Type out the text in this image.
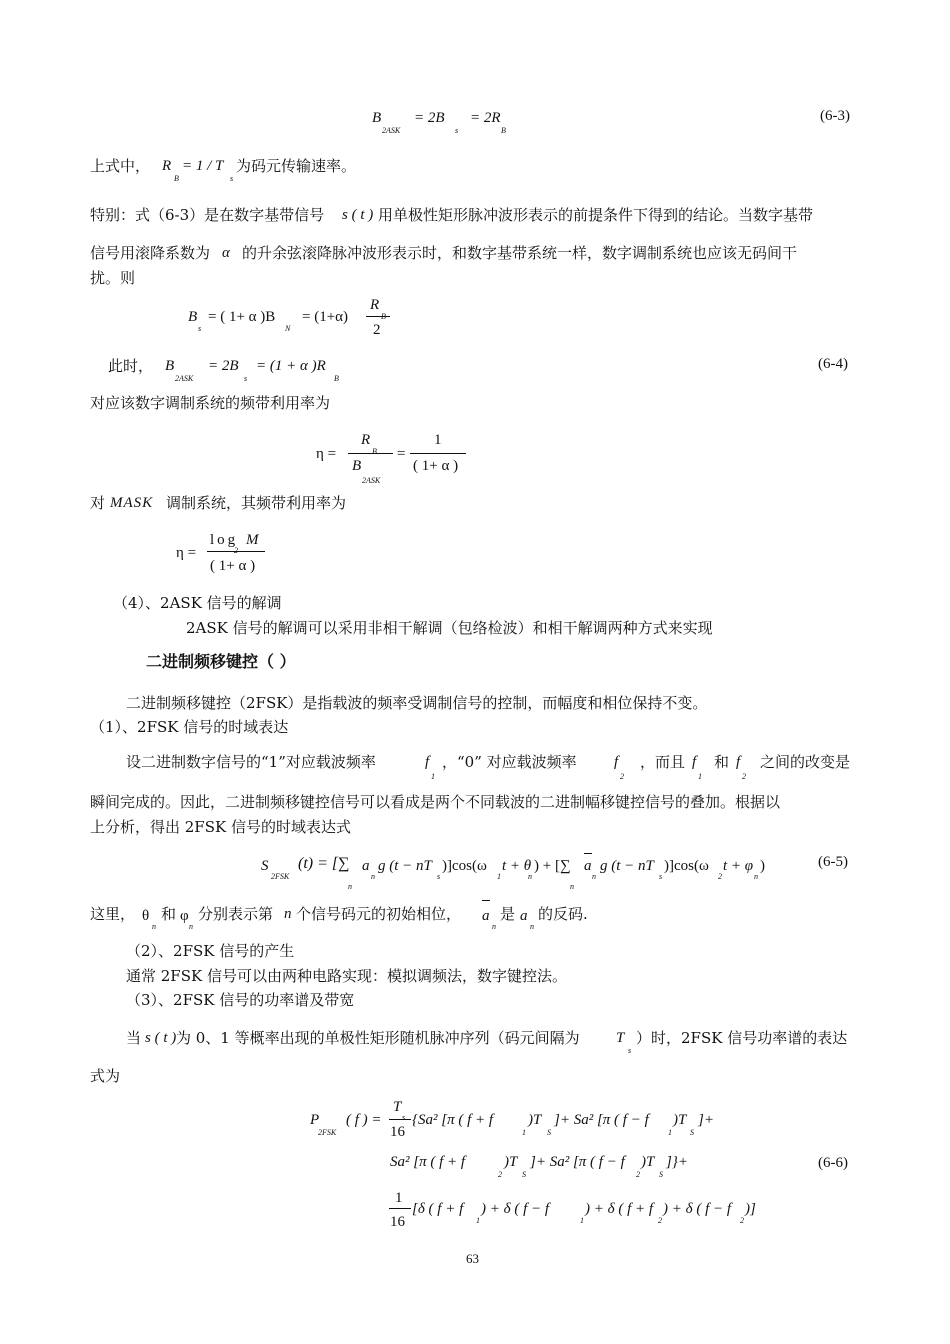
B
2ASK
= 2B
s
= 2R
B
(6-3)
上式中， R
B
= 1 / T
s
为码元传输速率。
特别：式（6-3）是在数字基带信号 s ( t ) 用单极性矩形脉冲波形表示的前提条件下得到的结论。当数字基带
信号用滚降系数为 α 的升余弦滚降脉冲波形表示时，和数字基带系统一样，数字调制系统也应该无码间干
扰。则
B
s
= ( 1+ α )B
N
= (1+α)
R
B
2
此时， B
2ASK
= 2B
s
= (1 + α )R
B
(6-4)
对应该数字调制系统的频带利用率为
η =
R
B
B
2ASK
=
1
( 1+ α )
对 MASK 调制系统，其频带利用率为
η =
log M
2
( 1+ α )
（4）、2ASK 信号的解调
2ASK 信号的解调可以采用非相干解调（包络检波）和相干解调两种方式来实现
二进制频移键控（ ）
二进制频移键控（2FSK）是指载波的频率受调制信号的控制，而幅度和相位保持不变。
（1）、2FSK 信号的时域表达
设二进制数字信号的“1”对应载波频率	f
1
，“0” 对应载波频率 f
2
，而且 f
1
和 f
2
之间的改变是
瞬间完成的。因此，二进制频移键控信号可以看成是两个不同载波的二进制幅移键控信号的叠加。根据以
上分析，得出 2FSK 信号的时域表达式
S
2FSK
(t) = [∑ a
n
g (t − nT
s
)]cos(ω
1
t + θ
n
) + [∑ a
n
g (t − nT
s
)]cos(ω
2
t + φ
n
)
n	n
(6-5)
这里， θ
n
和 φ
n
分别表示第 n 个信号码元的初始相位， a
n
是 a
n
的反码.
（2）、2FSK 信号的产生
通常 2FSK 信号可以由两种电路实现：模拟调频法，数字键控法。
（3）、2FSK 信号的功率谱及带宽
当 s ( t ) 为 0、1 等概率出现的单极性矩形随机脉冲序列（码元间隔为 T
s
）时，2FSK 信号功率谱的表达
式为
P
2FSK
( f ) =
T
s
16
{Sa² [π ( f + f
1
)T
S
]+ Sa² [π ( f − f
1
)T
S
]+
Sa² [π ( f + f
2
)T
S
]+ Sa² [π ( f − f
2
)T
S
]}+
1
16
[δ ( f + f
1
) + δ ( f − f
1
) + δ ( f + f
2
) + δ ( f − f
2
)]
(6-6)
63
